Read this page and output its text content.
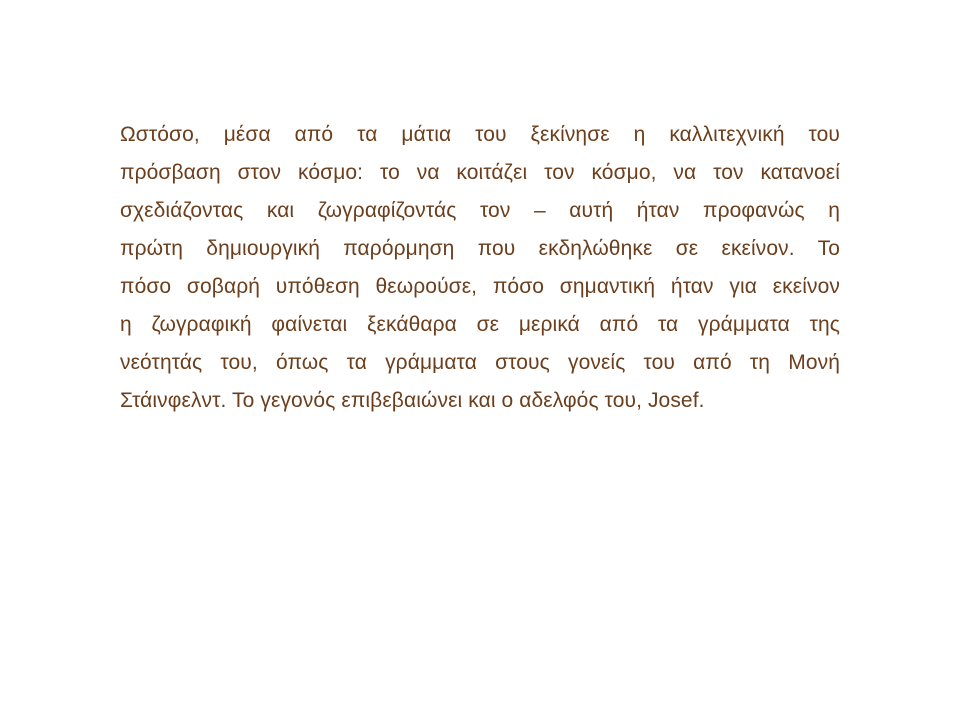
Ωστόσο, μέσα από τα μάτια του ξεκίνησε η καλλιτεχνική του
πρόσβαση στον κόσμο: το να κοιτάζει τον κόσμο, να τον κατανοεί
σχεδιάζοντας και ζωγραφίζοντάς τον – αυτή ήταν προφανώς η
πρώτη δημιουργική παρόρμηση που εκδηλώθηκε σε εκείνον. Το
πόσο σοβαρή υπόθεση θεωρούσε, πόσο σημαντική ήταν για εκείνον
η ζωγραφική φαίνεται ξεκάθαρα σε μερικά από τα γράμματα της
νεότητάς του, όπως τα γράμματα στους γονείς του από τη Μονή
Στάινφελντ. Το γεγονός επιβεβαιώνει και ο αδελφός του, Josef.
